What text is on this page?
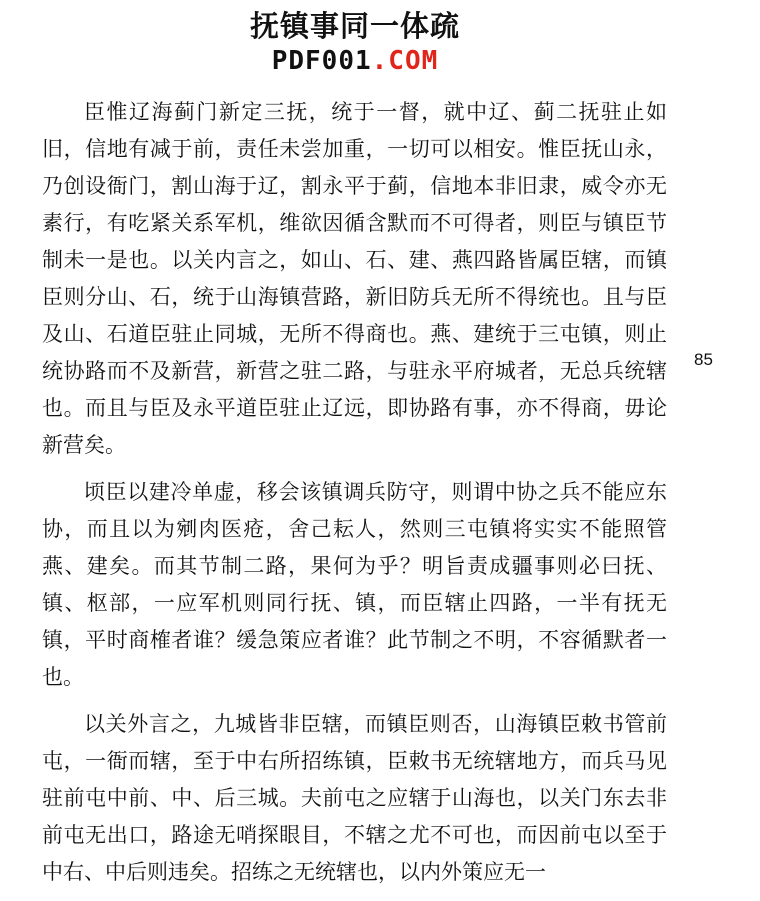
抚镇事同一体疏
PDF001.COM

臣惟辽海蓟门新定三抚，统于一督，就中辽、蓟二抚驻止如旧，信地有减于前，责任未尝加重，一切可以相安。惟臣抚山永，乃创设衙门，割山海于辽，割永平于蓟，信地本非旧隶，威令亦无素行，有吃紧关系军机，维欲因循含默而不可得者，则臣与镇臣节制未一是也。以关内言之，如山、石、建、燕四路皆属臣辖，而镇臣则分山、石，统于山海镇营路，新旧防兵无所不得统也。且与臣及山、石道臣驻止同城，无所不得商也。燕、建统于三屯镇，则止统协路而不及新营，新营之驻二路，与驻永平府城者，无总兵统辖也。而且与臣及永平道臣驻止辽远，即协路有事，亦不得商，毋论新营矣。

顷臣以建冷单虚，移会该镇调兵防守，则谓中协之兵不能应东协，而且以为剜肉医疮，舍己耘人，然则三屯镇将实实不能照管燕、建矣。而其节制二路，果何为乎？明旨责成疆事则必曰抚、镇、枢部，一应军机则同行抚、镇，而臣辖止四路，一半有抚无镇，平时商榷者谁？缓急策应者谁？此节制之不明，不容循默者一也。

以关外言之，九城皆非臣辖，而镇臣则否，山海镇臣敕书管前屯，一衙而辖，至于中右所招练镇，臣敕书无统辖地方，而兵马见驻前屯中前、中、后三城。夫前屯之应辖于山海也，以关门东去非前屯无出口，路途无哨探眼目，不辖之尤不可也，而因前屯以至于中右、中后则违矣。招练之无统辖也，以内外策应无一

85
